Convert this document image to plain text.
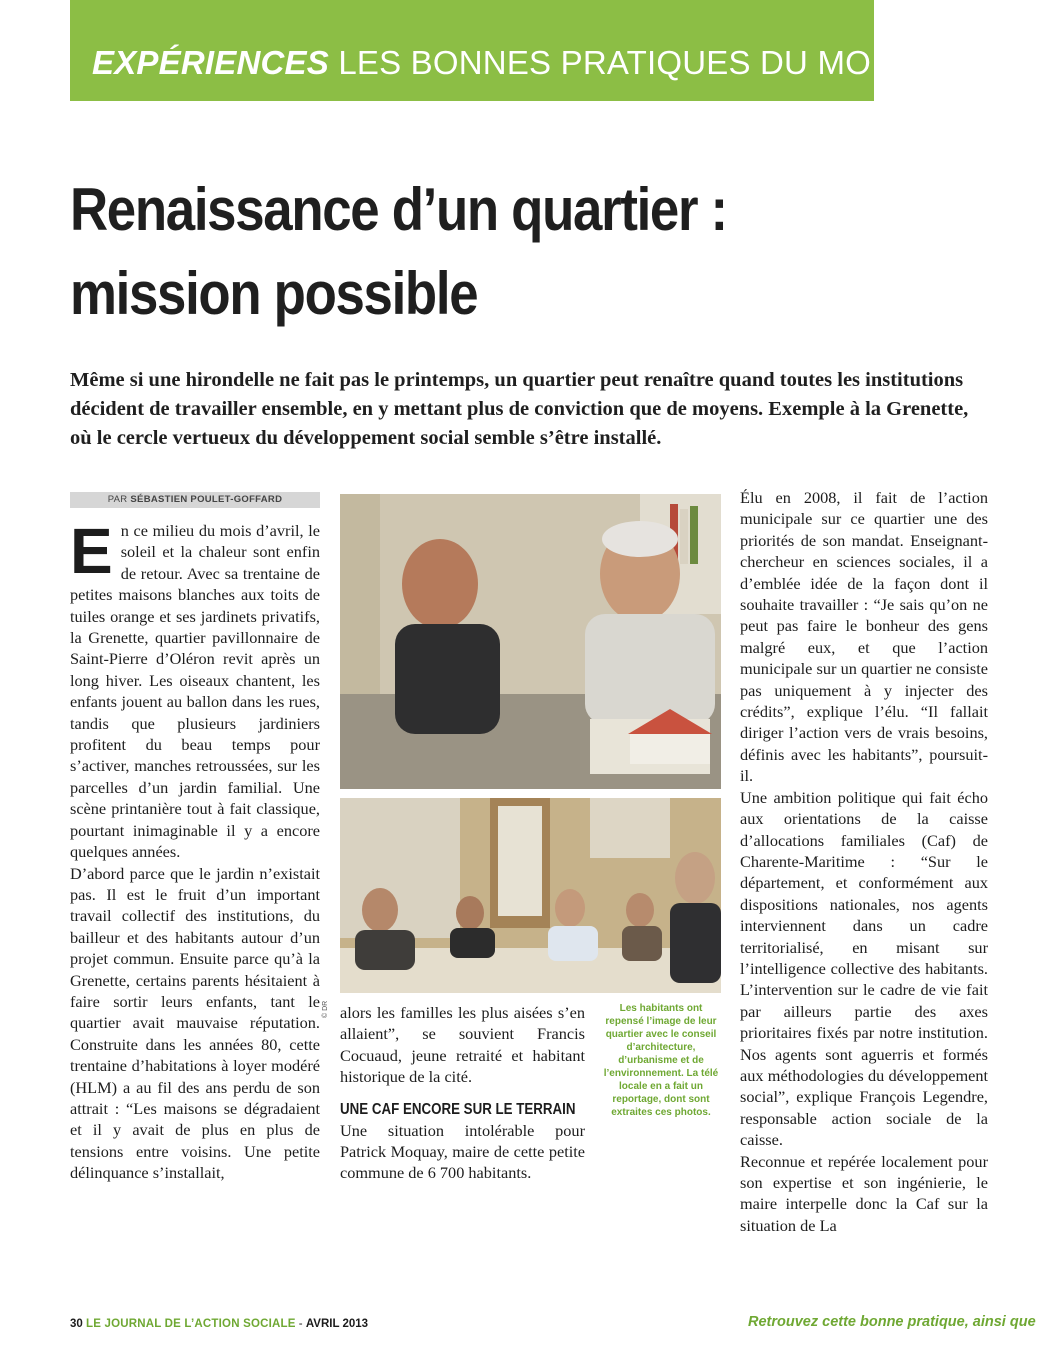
EXPÉRIENCES LES BONNES PRATIQUES DU MOIS
Renaissance d’un quartier :
mission possible

Même si une hirondelle ne fait pas le printemps, un quartier peut renaître quand toutes les institutions décident de travailler ensemble, en y mettant plus de conviction que de moyens. Exemple à la Grenette, où le cercle vertueux du développement social semble s’être installé.

PAR SÉBASTIEN POULET-GOFFARD

En ce milieu du mois d’avril, le soleil et la chaleur sont enfin de retour. Avec sa trentaine de petites maisons blanches aux toits de tuiles orange et ses jardinets privatifs, la Grenette, quartier pavillonnaire de Saint-Pierre d’Oléron revit après un long hiver. Les oiseaux chantent, les enfants jouent au ballon dans les rues, tandis que plusieurs jardiniers profitent du beau temps pour s’activer, manches retroussées, sur les parcelles d’un jardin familial. Une scène printanière tout à fait classique, pourtant inimaginable il y a encore quelques années.

D’abord parce que le jardin n’existait pas. Il est le fruit d’un important travail collectif des institutions, du bailleur et des habitants autour d’un projet commun. Ensuite parce qu’à la Grenette, certains parents hésitaient à faire sortir leurs enfants, tant le quartier avait mauvaise réputation. Construite dans les années 80, cette trentaine d’habitations à loyer modéré (HLM) a au fil des ans perdu de son attrait : “Les maisons se dégradaient et il y avait de plus en plus de tensions entre voisins. Une petite délinquance s’installait,

© DR alors les familles les plus aisées s’en allaient”, se souvient Francis Cocuaud, jeune retraité et habitant historique de la cité.

UNE CAF ENCORE SUR LE TERRAIN

Une situation intolérable pour Patrick Moquay, maire de cette petite commune de 6 700 habitants.

Les habitants ont repensé l’image de leur quartier avec le conseil d’architecture, d’urbanisme et de l’environnement. La télé locale en a fait un reportage, dont sont extraites ces photos.

Élu en 2008, il fait de l’action municipale sur ce quartier une des priorités de son mandat. Enseignant-chercheur en sciences sociales, il a d’emblée idée de la façon dont il souhaite travailler : “Je sais qu’on ne peut pas faire le bonheur des gens malgré eux, et que l’action municipale sur un quartier ne consiste pas uniquement à y injecter des crédits”, explique l’élu. “Il fallait diriger l’action vers de vrais besoins, définis avec les habitants”, poursuit-il.

Une ambition politique qui fait écho aux orientations de la caisse d’allocations familiales (Caf) de Charente-Maritime : “Sur le département, et conformément aux dispositions nationales, nos agents interviennent dans un cadre territorialisé, en misant sur l’intelligence collective des habitants. L’intervention sur le cadre de vie fait par ailleurs partie des axes prioritaires fixés par notre institution. Nos agents sont aguerris et formés aux méthodologies du développement social”, explique François Legendre, responsable action sociale de la caisse.

Reconnue et repérée localement pour son expertise et son ingénierie, le maire interpelle donc la Caf sur la situation de La

30 LE JOURNAL DE L’ACTION SOCIALE - AVRIL 2013	Retrouvez cette bonne pratique, ainsi que
